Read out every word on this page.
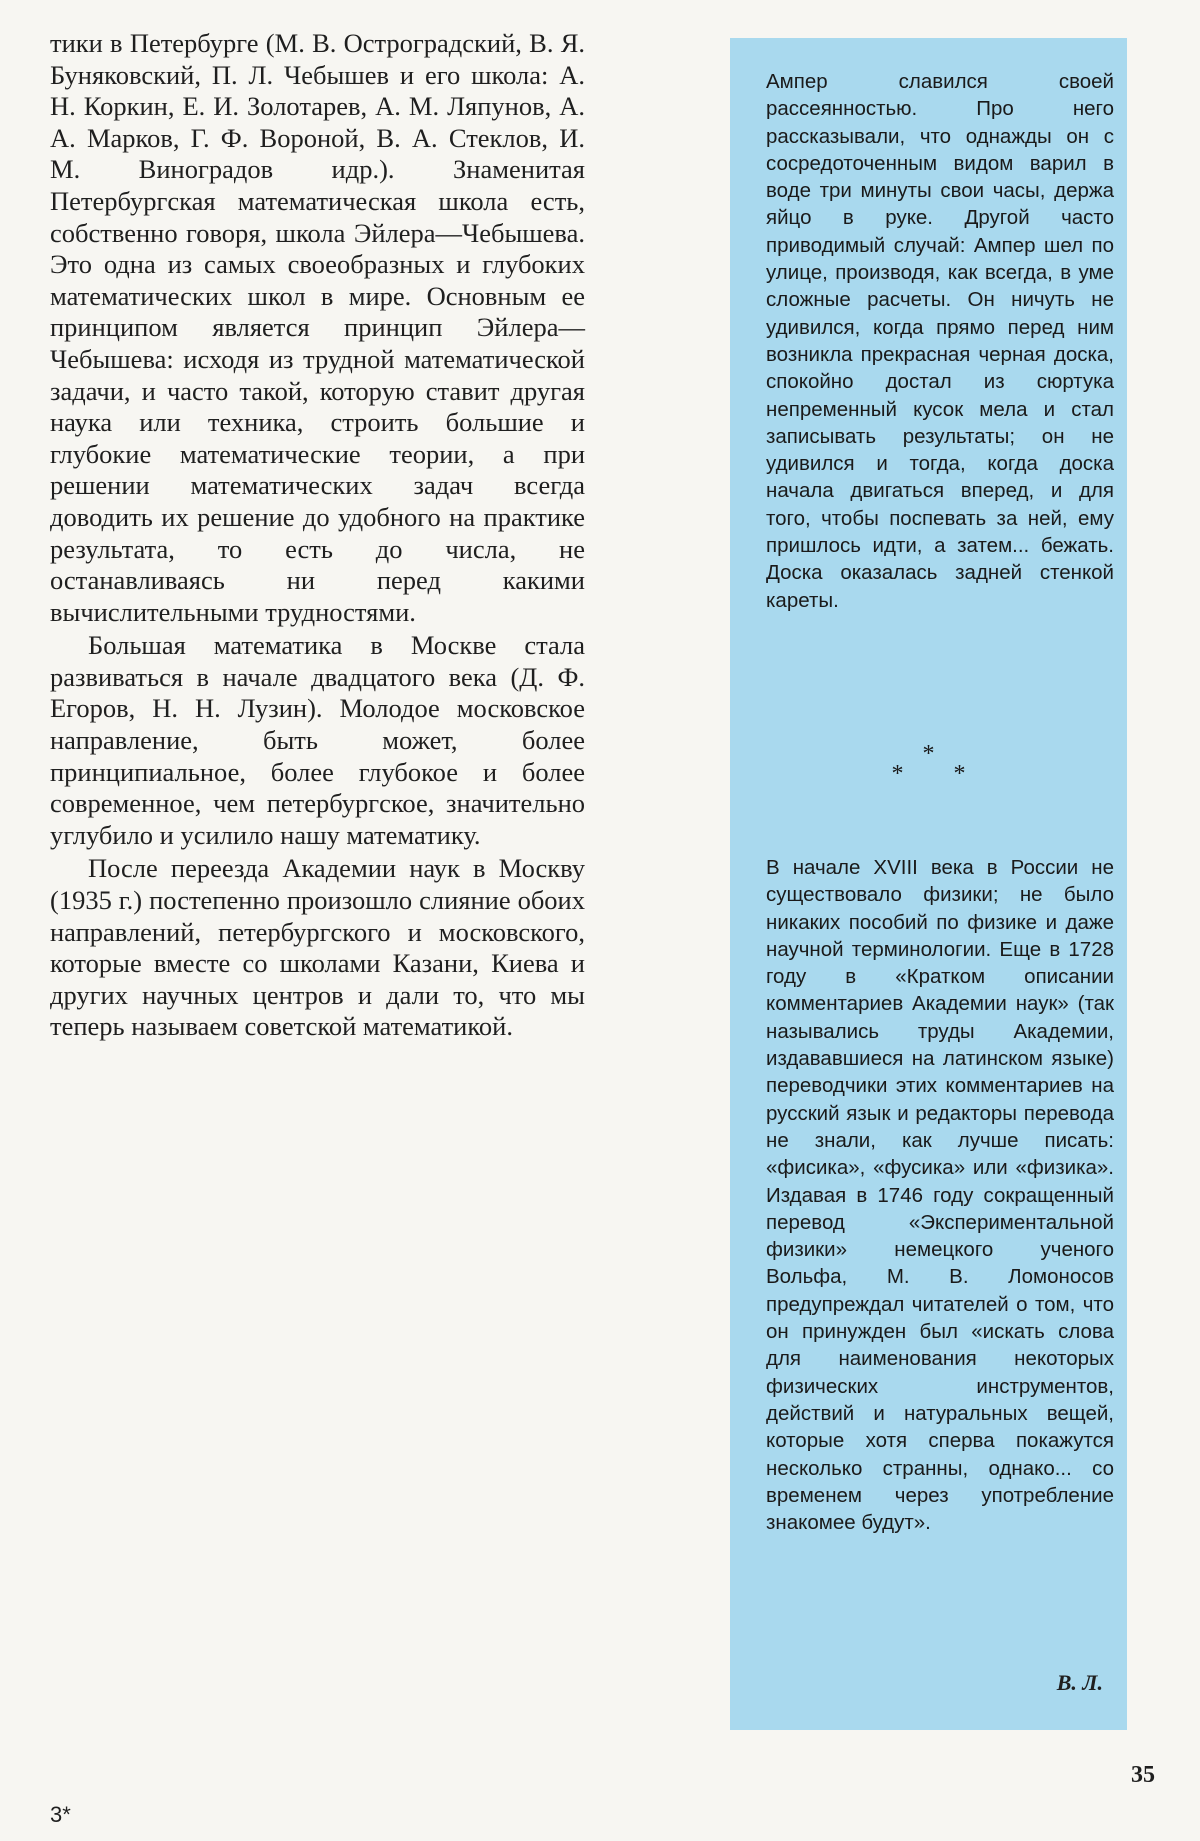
тики в Петербурге (М. В. Остроградский, В. Я. Буняковский, П. Л. Чебышев и его школа: А. Н. Коркин, Е. И. Золотарев, А. М. Ляпунов, А. А. Марков, Г. Ф. Вороной, В. А. Стеклов, И. М. Виноградов идр.). Знаменитая Петербургская математическая школа есть, собственно говоря, школа Эйлера—Чебышева. Это одна из самых своеобразных и глубоких математических школ в мире. Основным ее принципом является принцип Эйлера—Чебышева: исходя из трудной математической задачи, и часто такой, которую ставит другая наука или техника, строить большие и глубокие математические теории, а при решении математических задач всегда доводить их решение до удобного на практике результата, то есть до числа, не останавливаясь ни перед какими вычислительными трудностями.

Большая математика в Москве стала развиваться в начале двадцатого века (Д. Ф. Егоров, Н. Н. Лузин). Молодое московское направление, быть может, более принципиальное, более глубокое и более современное, чем петербургское, значительно углубило и усилило нашу математику.

После переезда Академии наук в Москву (1935 г.) постепенно произошло слияние обоих направлений, петербургского и московского, которые вместе со школами Казани, Киева и других научных центров и дали то, что мы теперь называем советской математикой.

Ампер славился своей рассеянностью. Про него рассказывали, что однажды он с сосредоточенным видом варил в воде три минуты свои часы, держа яйцо в руке. Другой часто приводимый случай: Ампер шел по улице, производя, как всегда, в уме сложные расчеты. Он ничуть не удивился, когда прямо перед ним возникла прекрасная черная доска, спокойно достал из сюртука непременный кусок мела и стал записывать результаты; он не удивился и тогда, когда доска начала двигаться вперед, и для того, чтобы поспевать за ней, ему пришлось идти, а затем... бежать. Доска оказалась задней стенкой кареты.
*
* *
В начале XVIII века в России не существовало физики; не было никаких пособий по физике и даже научной терминологии. Еще в 1728 году в «Кратком описании комментариев Академии наук» (так назывались труды Академии, издававшиеся на латинском языке) переводчики этих комментариев на русский язык и редакторы перевода не знали, как лучше писать: «фисика», «фусика» или «физика». Издавая в 1746 году сокращенный перевод «Экспериментальной физики» немецкого ученого Вольфа, М. В. Ломоносов предупреждал читателей о том, что он принужден был «искать слова для наименования некоторых физических инструментов, действий и натуральных вещей, которые хотя сперва покажутся несколько странны, однако... со временем через употребление знакомее будут».
В. Л.
35
3*
